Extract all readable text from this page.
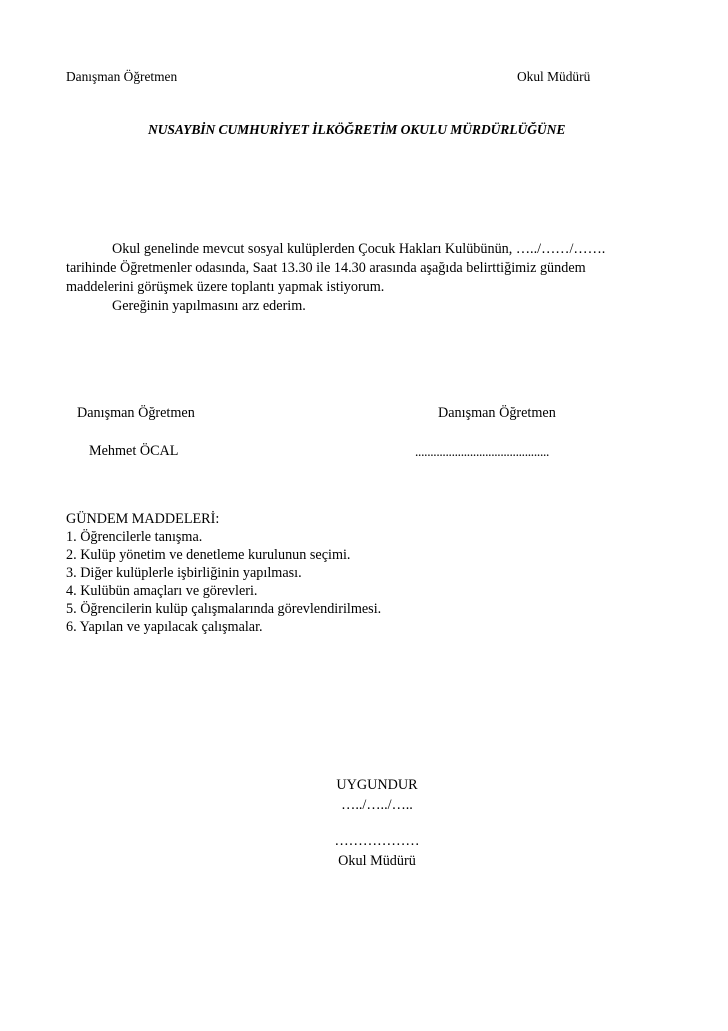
Danışman Öğretmen	Okul Müdürü
NUSAYBİN CUMHURİYET İLKÖĞRETİM OKULU MÜRDÜRLÜĞÜNE

Okul genelinde mevcut sosyal kulüplerden Çocuk Hakları Kulübünün, …../……/…….

tarihinde Öğretmenler odasında, Saat 13.30 ile 14.30 arasında aşağıda belirttiğimiz gündem

maddelerini görüşmek üzere toplantı yapmak istiyorum.

Gereğinin yapılmasını arz ederim.

Danışman Öğretmen
Mehmet ÖCAL
Danışman Öğretmen
............................................
GÜNDEM MADDELERİ:
1. Öğrencilerle tanışma.
2. Kulüp yönetim ve denetleme kurulunun seçimi.
3. Diğer kulüplerle işbirliğinin yapılması.
4. Kulübün amaçları ve görevleri.
5. Öğrencilerin kulüp çalışmalarında görevlendirilmesi.
6. Yapılan ve yapılacak çalışmalar.
UYGUNDUR
…../…../…..
………………
Okul Müdürü
